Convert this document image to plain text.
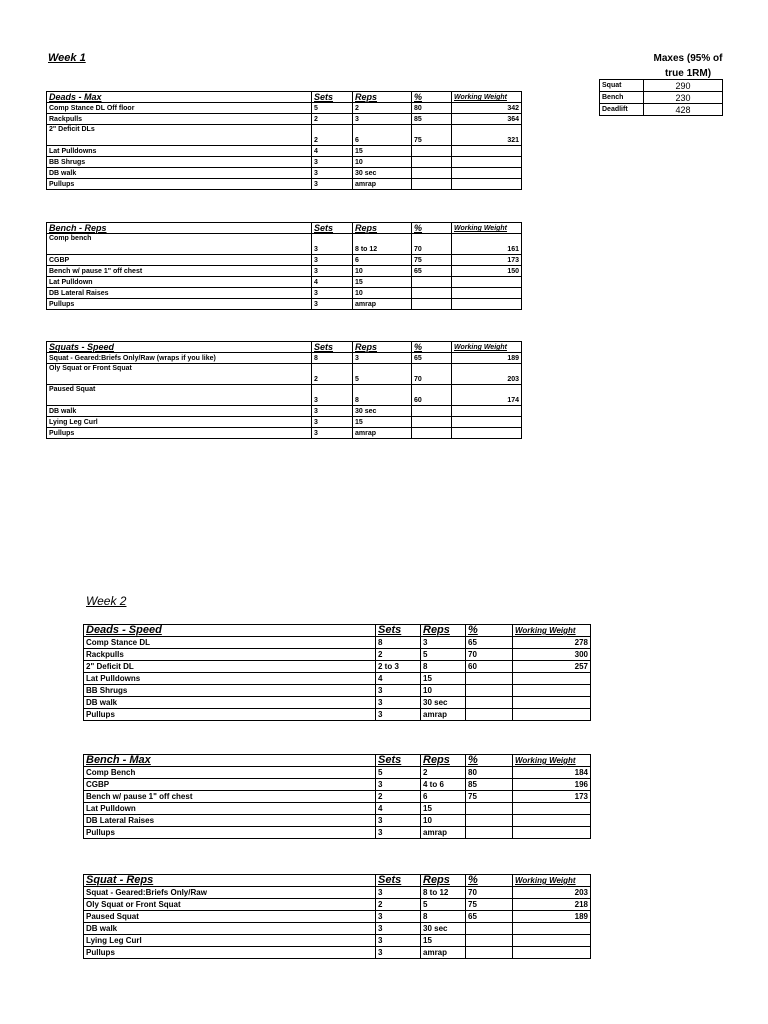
Week 1	Maxes (95% of
true 1RM)
Squat	290
Bench	230
Deadlift	428
Deads - Max	Sets	Reps	%	Working Weight
Comp Stance DL Off floor	5	2	80	342
Rackpulls	2	3	85	364
2" Deficit DLs	2	6	75	321
Lat Pulldowns	4	15		
BB Shrugs	3	10		
DB walk	3	30 sec		
Pullups	3	amrap		
Bench - Reps	Sets	Reps	%	Working Weight
Comp bench	3	8 to 12	70	161
CGBP	3	6	75	173
Bench w/ pause 1" off chest	3	10	65	150
Lat Pulldown	4	15		
DB Lateral Raises	3	10		
Pullups	3	amrap		
Squats - Speed	Sets	Reps	%	Working Weight
Squat - Geared:Briefs Only/Raw (wraps if you like)	8	3	65	189
Oly Squat or Front Squat	2	5	70	203
Paused Squat	3	8	60	174
DB walk	3	30 sec		
Lying Leg Curl	3	15		
Pullups	3	amrap		
Week 2
Deads - Speed	Sets	Reps	%	Working Weight
Comp Stance DL	8	3	65	278
Rackpulls	2	5	70	300
2" Deficit DL	2 to 3	8	60	257
Lat Pulldowns	4	15		
BB Shrugs	3	10		
DB walk	3	30 sec		
Pullups	3	amrap		
Bench - Max	Sets	Reps	%	Working Weight
Comp Bench	5	2	80	184
CGBP	3	4 to 6	85	196
Bench w/ pause 1" off chest	2	6	75	173
Lat Pulldown	4	15		
DB Lateral Raises	3	10		
Pullups	3	amrap		
Squat - Reps	Sets	Reps	%	Working Weight
Squat - Geared:Briefs Only/Raw	3	8 to 12	70	203
Oly Squat or Front Squat	2	5	75	218
Paused Squat	3	8	65	189
DB walk	3	30 sec		
Lying Leg Curl	3	15		
Pullups	3	amrap		
